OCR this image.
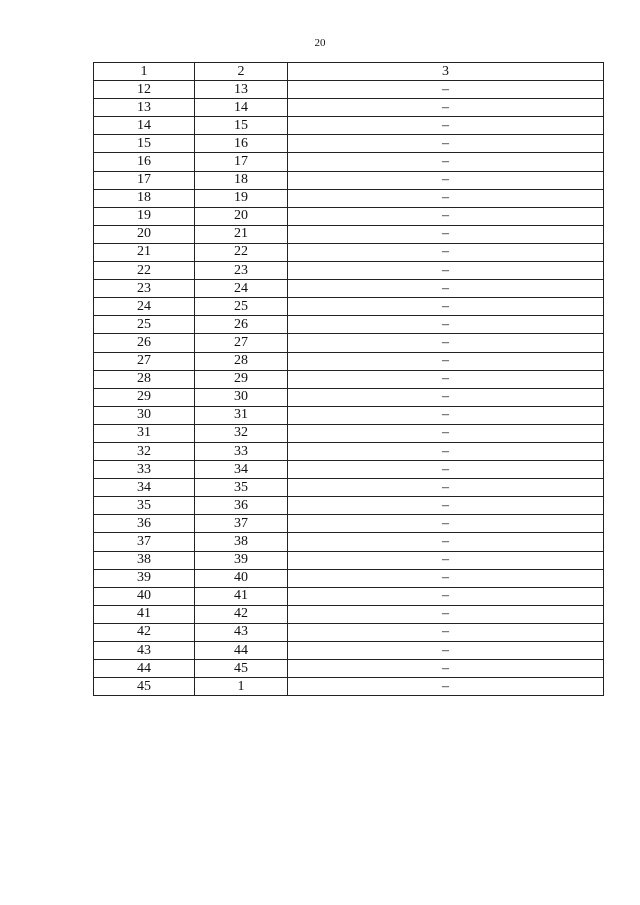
20
1	2	3
12	13	–
13	14	–
14	15	–
15	16	–
16	17	–
17	18	–
18	19	–
19	20	–
20	21	–
21	22	–
22	23	–
23	24	–
24	25	–
25	26	–
26	27	–
27	28	–
28	29	–
29	30	–
30	31	–
31	32	–
32	33	–
33	34	–
34	35	–
35	36	–
36	37	–
37	38	–
38	39	–
39	40	–
40	41	–
41	42	–
42	43	–
43	44	–
44	45	–
45	1	–
